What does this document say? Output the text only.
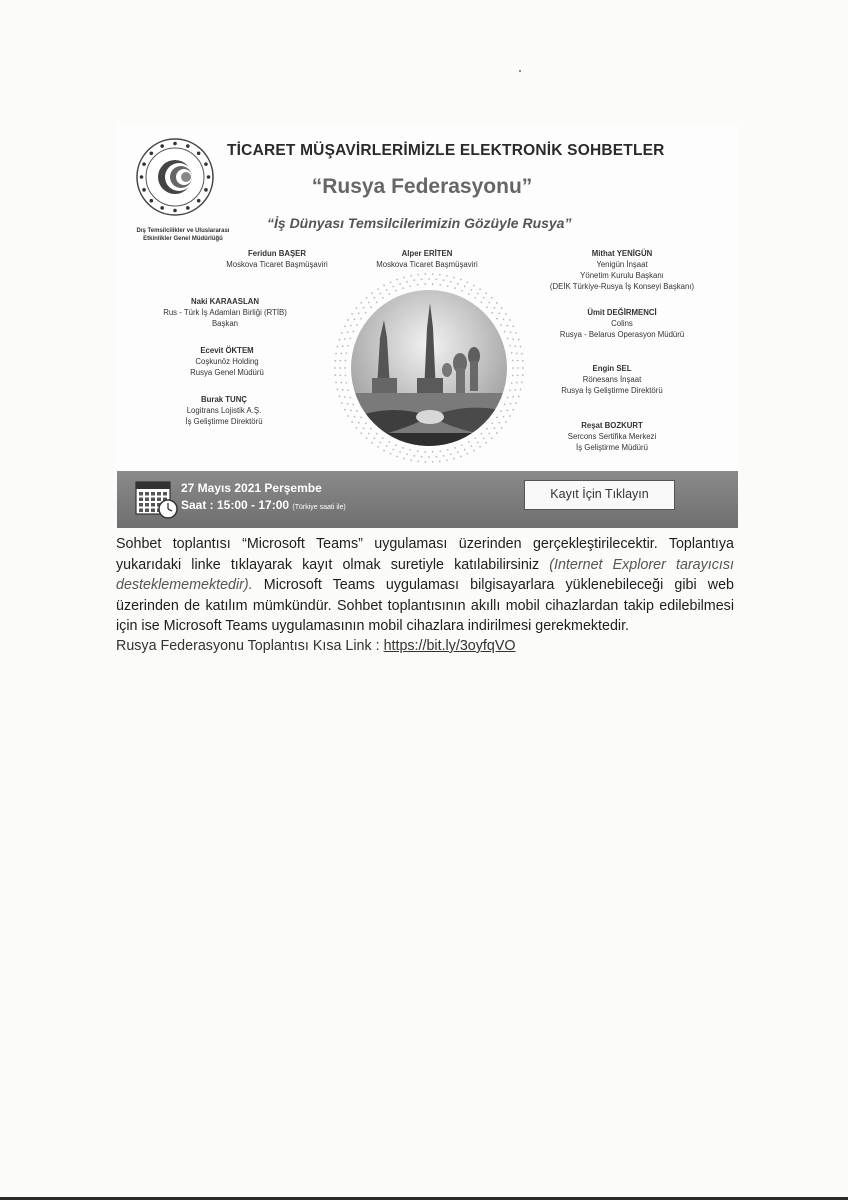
Dış Temsilcilikler ve Uluslararası
Etkinlikler Genel Müdürlüğü
TİCARET MÜŞAVİRLERİMİZLE ELEKTRONİK SOHBETLER
“Rusya Federasyonu”
“İş Dünyası Temsilcilerimizin Gözüyle Rusya”
Feridun BAŞER
Moskova Ticaret Başmüşaviri
Alper ERİTEN
Moskova Ticaret Başmüşaviri
Mithat YENİGÜN
Yenigün İnşaat
Yönetim Kurulu Başkanı
(DEİK Türkiye-Rusya İş Konseyi Başkanı)
Naki KARAASLAN
Rus - Türk İş Adamları Birliği (RTİB)
Başkan
Ümit DEĞİRMENCİ
Colins
Rusya - Belarus Operasyon Müdürü
Ecevit ÖKTEM
Coşkunöz Holding
Rusya Genel Müdürü	Engin SEL
Rönesans İnşaat
Rusya İş Geliştirme Direktörü
Burak TUNÇ
Logitrans Lojistik A.Ş.
İş Geliştirme Direktörü	Reşat BOZKURT
Sercons Sertifika Merkezi
İş Geliştirme Müdürü
27 Mayıs 2021 Perşembe
Saat : 15:00 - 17:00 (Türkiye saati ile)
Kayıt İçin Tıklayın
Sohbet toplantısı “Microsoft Teams” uygulaması üzerinden gerçekleştirilecektir. Toplantıya yukarıdaki linke tıklayarak kayıt olmak suretiyle katılabilirsiniz (Internet Explorer tarayıcısı desteklememektedir). Microsoft Teams uygulaması bilgisayarlara yüklenebileceği gibi web üzerinden de katılım mümkündür. Sohbet toplantısının akıllı mobil cihazlardan takip edilebilmesi için ise Microsoft Teams uygulamasının mobil cihazlara indirilmesi gerekmektedir.
Rusya Federasyonu Toplantısı Kısa Link : https://bit.ly/3oyfqVO
